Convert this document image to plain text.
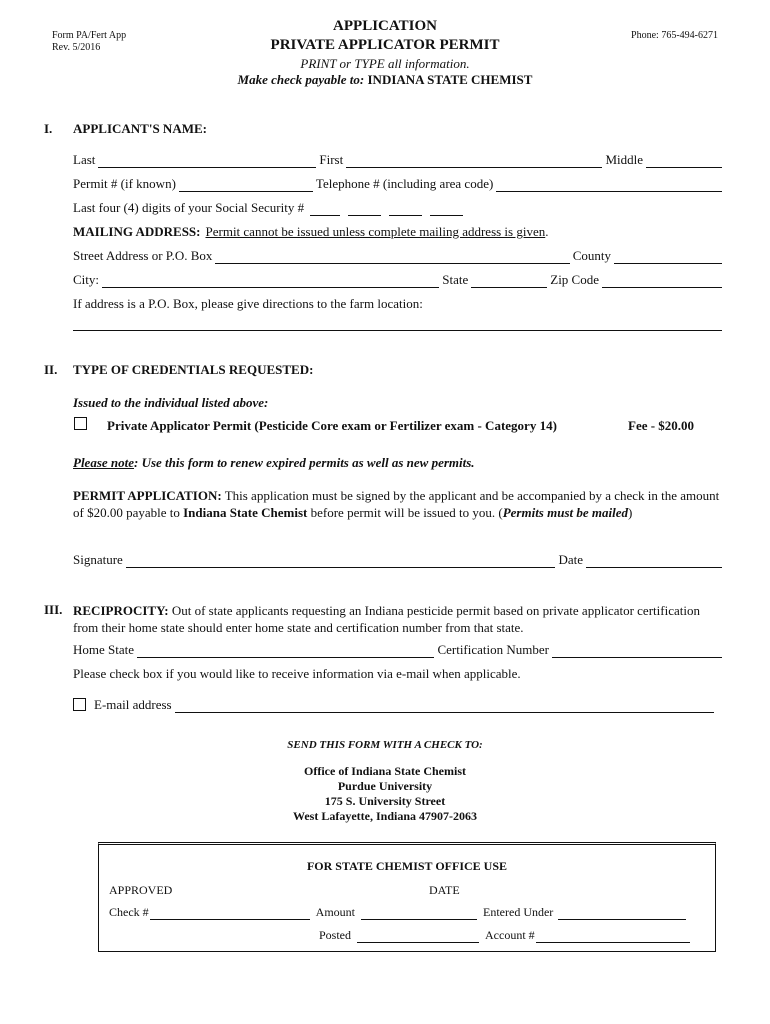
Form PA/Fert App
Rev. 5/2016
Phone: 765-494-6271
APPLICATION
PRIVATE APPLICATOR PERMIT
PRINT or TYPE all information.
Make check payable to: INDIANA STATE CHEMIST
I. APPLICANT'S NAME:
Last	First	Middle
Permit # (if known)	Telephone # (including area code)
Last four (4) digits of your Social Security #
MAILING ADDRESS: Permit cannot be issued unless complete mailing address is given .
Street Address or P.O. Box	County
City:	State	Zip Code
If address is a P.O. Box, please give directions to the farm location:
II. TYPE OF CREDENTIALS REQUESTED:
Issued to the individual listed above:
Private Applicator Permit (Pesticide Core exam or Fertilizer exam - Category 14)	Fee - $20.00
Please note: Use this form to renew expired permits as well as new permits.
PERMIT APPLICATION: This application must be signed by the applicant and be accompanied by a check in the amount of $20.00 payable to Indiana State Chemist before permit will be issued to you. (Permits must be mailed)
Signature	Date
III. RECIPROCITY: Out of state applicants requesting an Indiana pesticide permit based on private applicator certification from their home state should enter home state and certification number from that state.
Home State	Certification Number
Please check box if you would like to receive information via e-mail when applicable.
E-mail address
SEND THIS FORM WITH A CHECK TO:
Office of Indiana State Chemist
Purdue University
175 S. University Street
West Lafayette, Indiana 47907-2063
FOR STATE CHEMIST OFFICE USE
APPROVED	DATE
Check #	Amount	Entered Under
Posted	Account #
